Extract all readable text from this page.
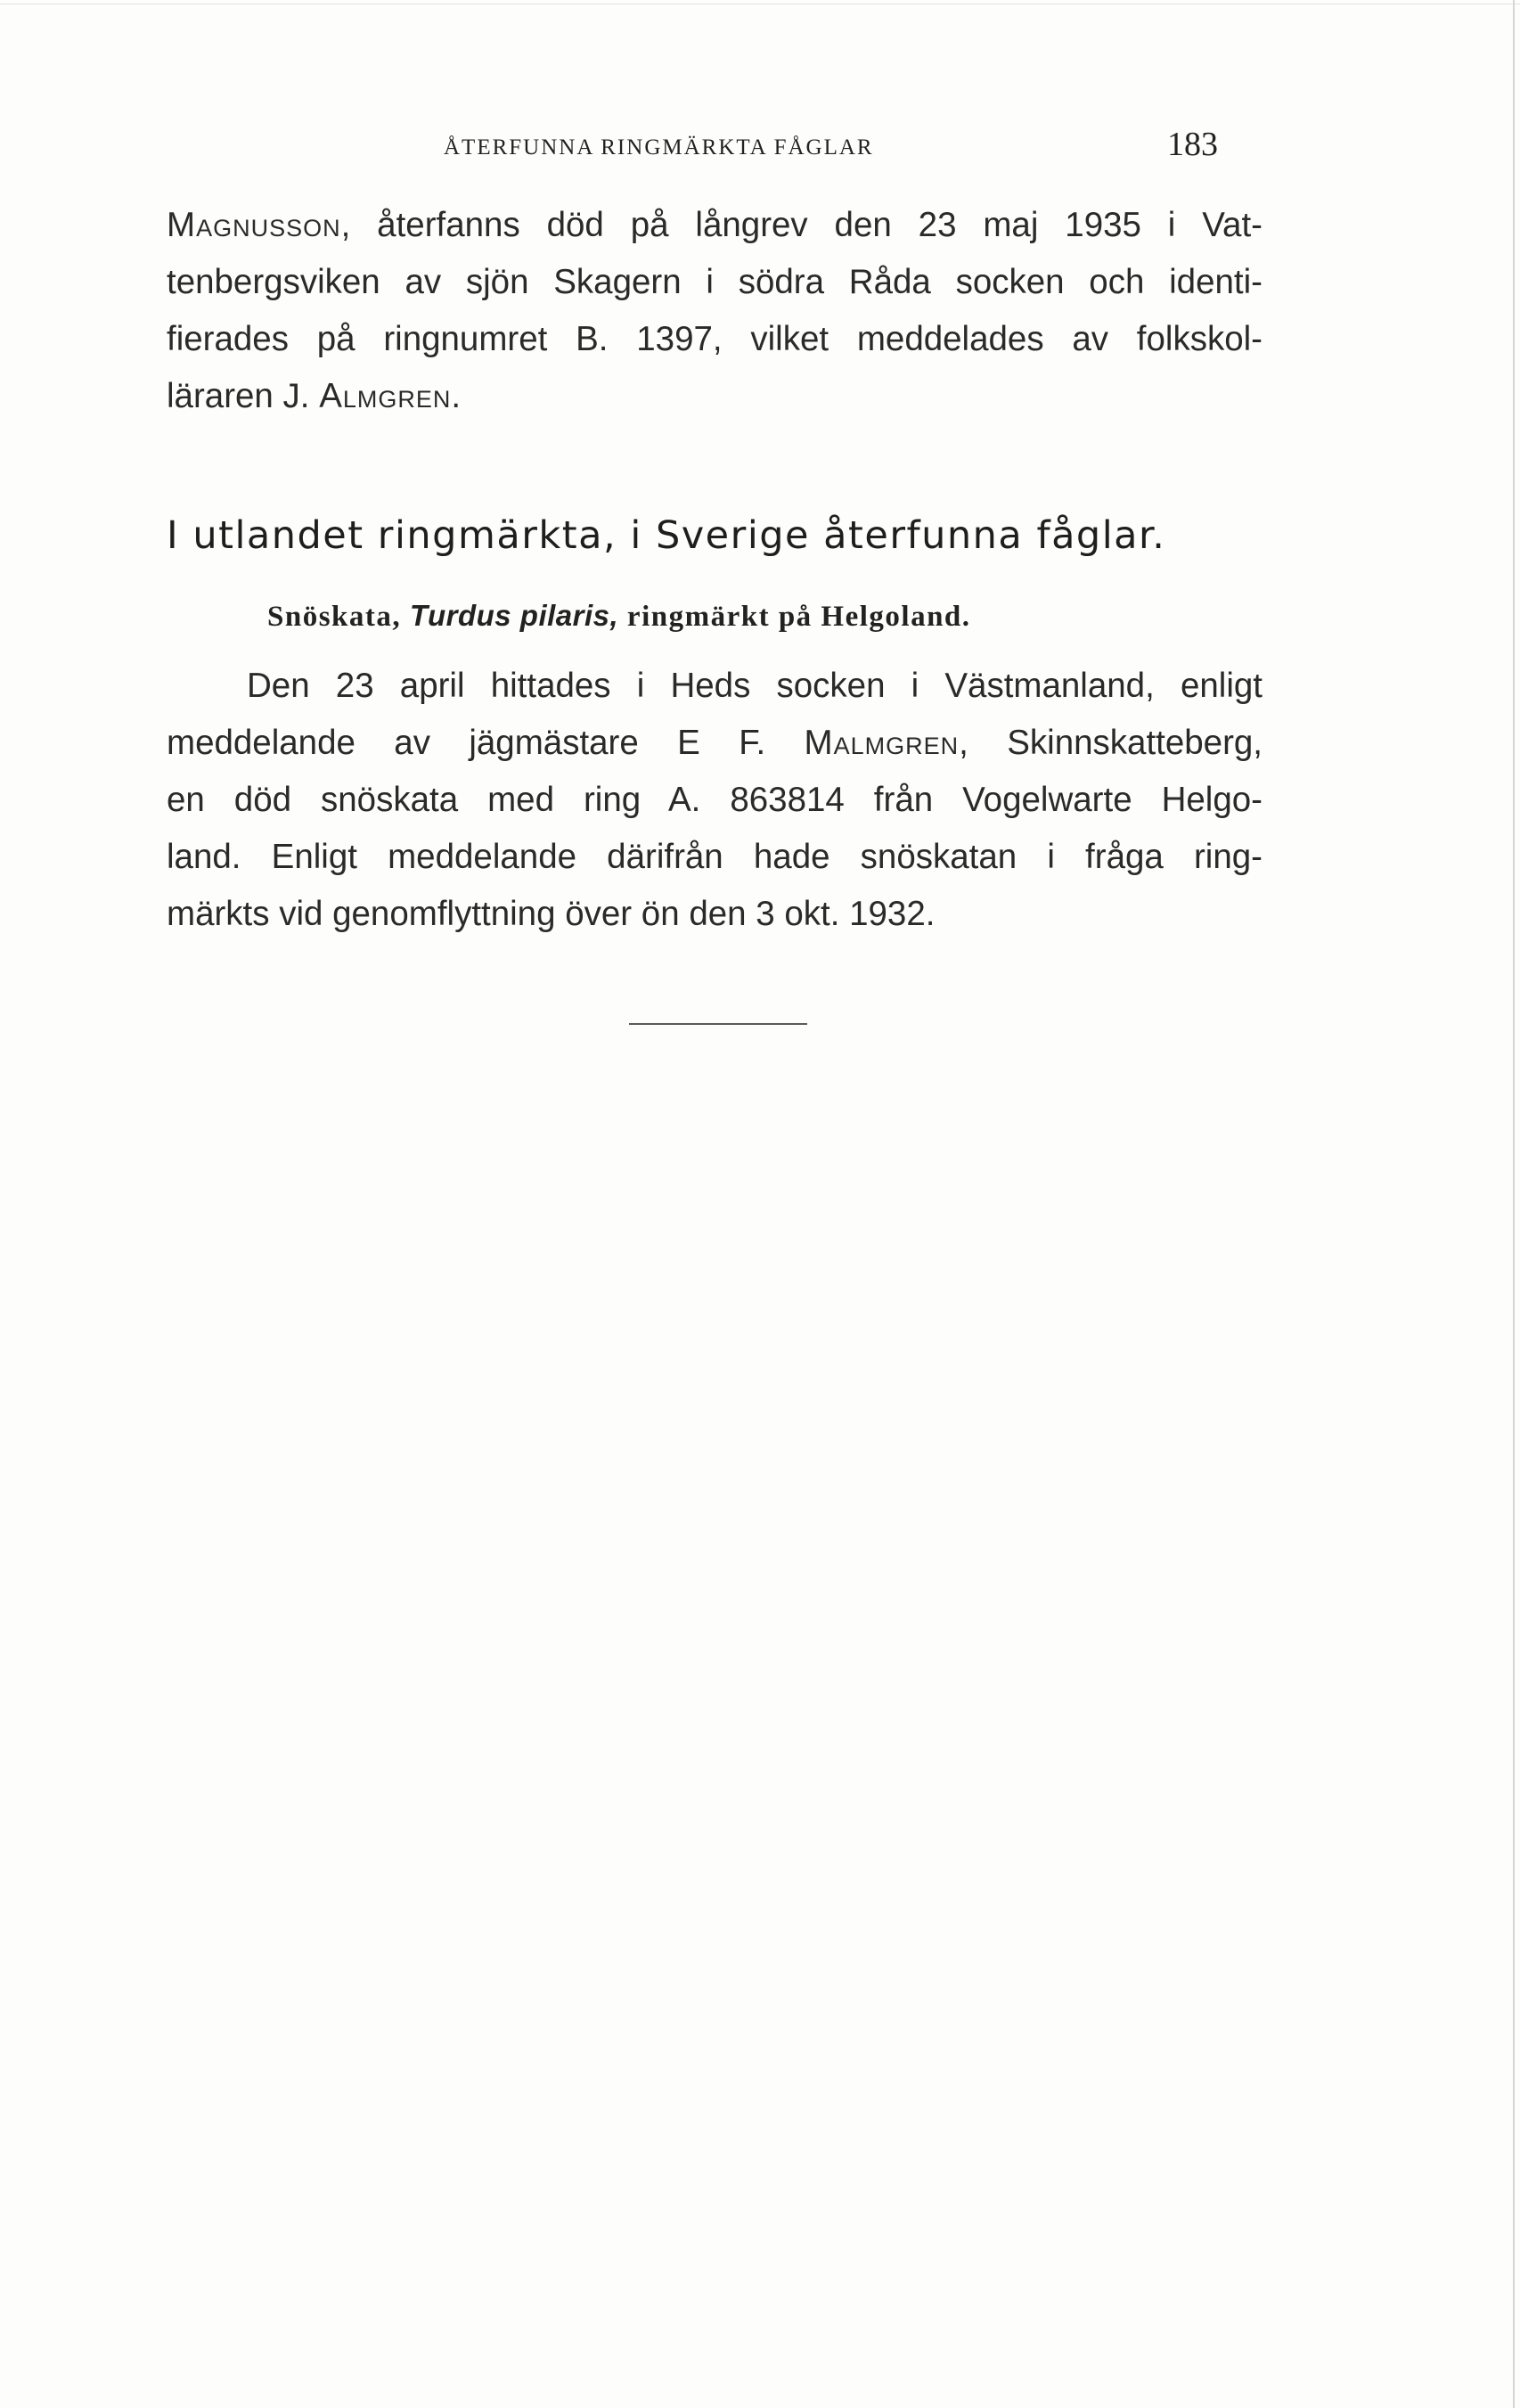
ÅTERFUNNA RINGMÄRKTA FÅGLAR	183

Magnusson, återfanns död på långrev den 23 maj 1935 i Vat-

tenbergsviken av sjön Skagern i södra Råda socken och identi-

fierades på ringnumret B. 1397, vilket meddelades av folkskol-

läraren J. Almgren.

I utlandet ringmärkta, i Sverige återfunna fåglar.
Snöskata, Turdus pilaris, ringmärkt på Helgoland.

Den 23 april hittades i Heds socken i Västmanland, enligt

meddelande av jägmästare E F. Malmgren, Skinnskatteberg,

en död snöskata med ring A. 863814 från Vogelwarte Helgo-

land. Enligt meddelande därifrån hade snöskatan i fråga ring-

märkts vid genomflyttning över ön den 3 okt. 1932.
